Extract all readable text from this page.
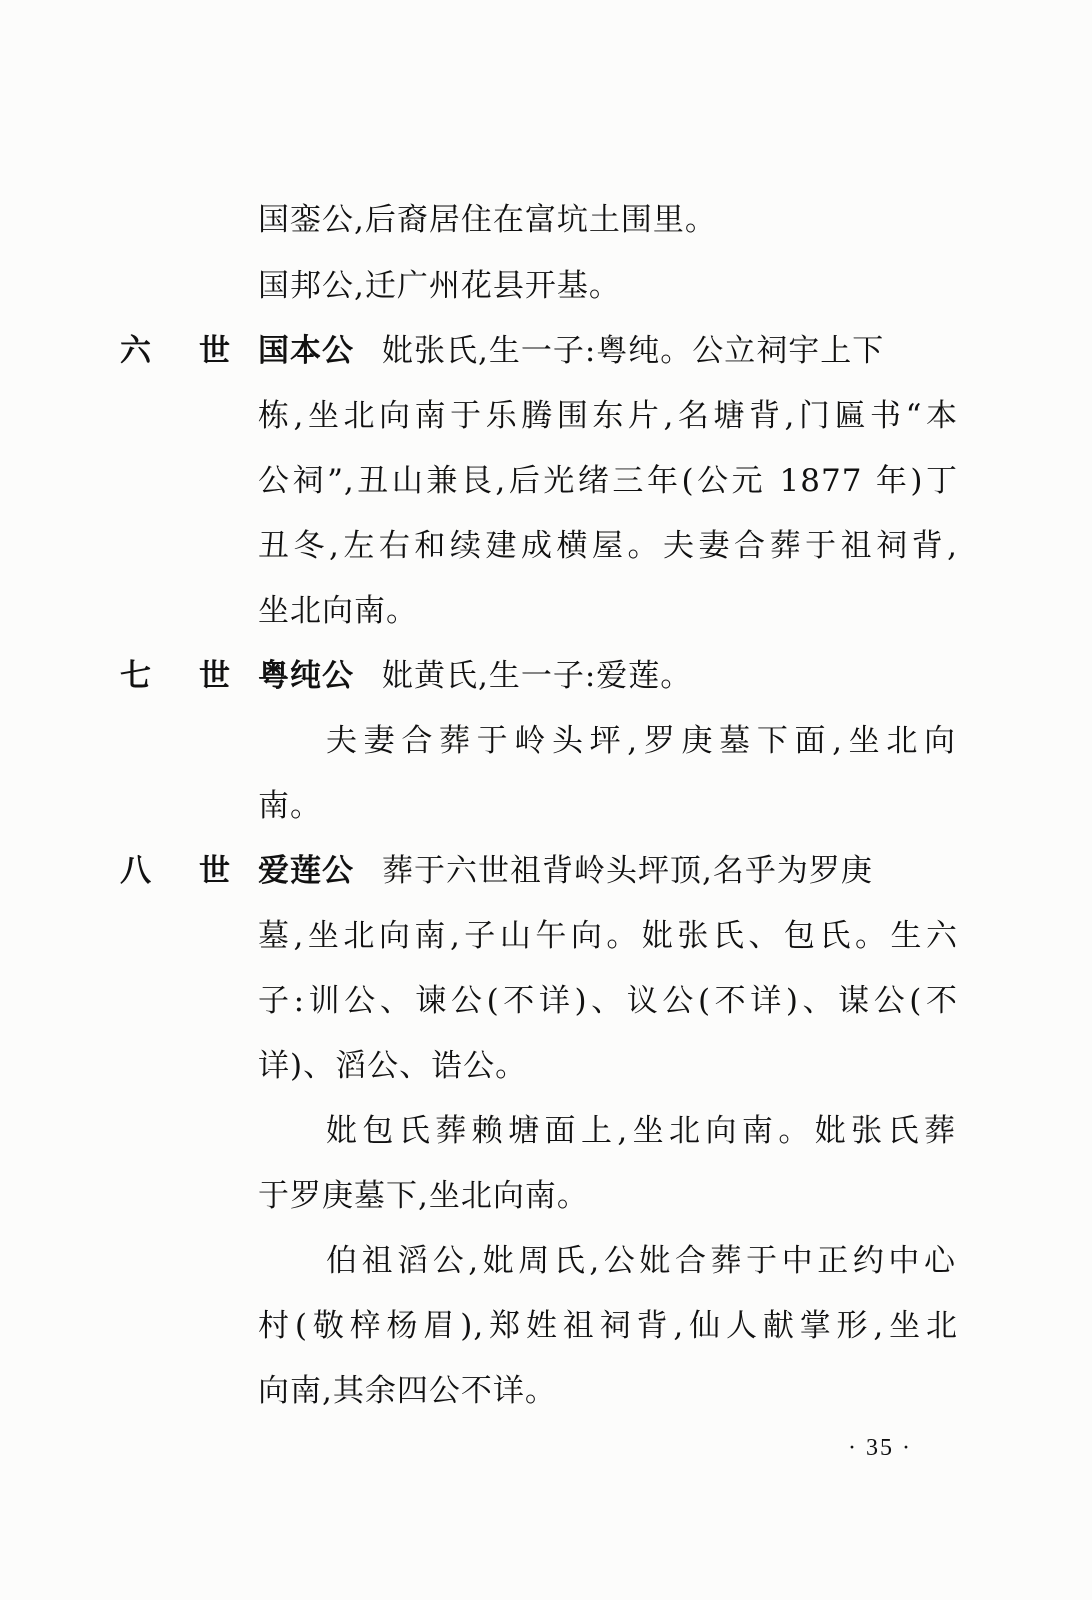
国銮公,后裔居住在富坑土围里。
国邦公,迁广州花县开基。
六 世 国本公 妣张氏,生一子:粤纯。公立祠宇上下
栋,坐北向南于乐腾围东片,名塘背,门匾书“本
公祠”,丑山兼艮,后光绪三年(公元 1877 年)丁
丑冬,左右和续建成横屋。夫妻合葬于祖祠背,
坐北向南。
七 世 粤纯公 妣黄氏,生一子:爱莲。
夫妻合葬于岭头坪,罗庚墓下面,坐北向
南。
八 世 爱莲公 葬于六世祖背岭头坪顶,名乎为罗庚
墓,坐北向南,子山午向。妣张氏、包氏。生六
子:训公、谏公(不详)、议公(不详)、谋公(不
详)、滔公、诰公。
妣包氏葬赖塘面上,坐北向南。妣张氏葬
于罗庚墓下,坐北向南。
伯祖滔公,妣周氏,公妣合葬于中正约中心
村(敬梓杨眉),郑姓祖祠背,仙人献掌形,坐北
向南,其余四公不详。
· 35 ·
